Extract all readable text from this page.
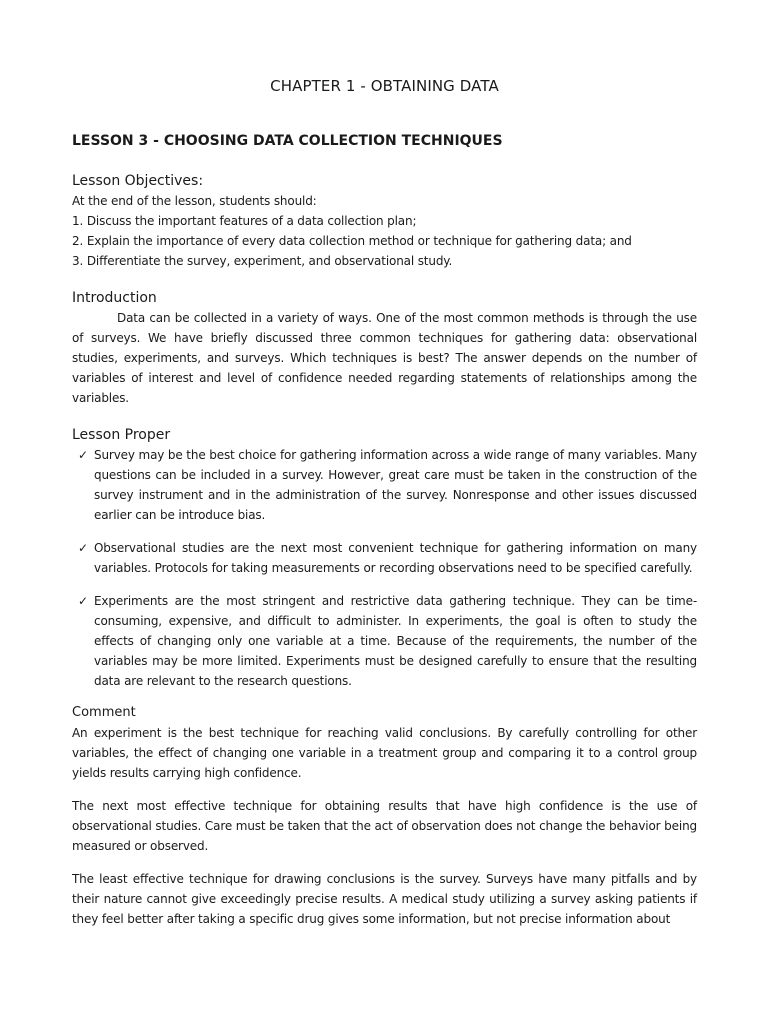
CHAPTER 1 - OBTAINING DATA
LESSON 3 - CHOOSING DATA COLLECTION TECHNIQUES
Lesson Objectives:
At the end of the lesson, students should:
1. Discuss the important features of a data collection plan;
2. Explain the importance of every data collection method or technique for gathering data; and
3. Differentiate the survey, experiment, and observational study.
Introduction

Data can be collected in a variety of ways. One of the most common methods is through the use of surveys. We have briefly discussed three common techniques for gathering data: observational studies, experiments, and surveys. Which techniques is best? The answer depends on the number of variables of interest and level of confidence needed regarding statements of relationships among the variables.

Lesson Proper
✓ Survey may be the best choice for gathering information across a wide range of many variables. Many questions can be included in a survey. However, great care must be taken in the construction of the survey instrument and in the administration of the survey. Nonresponse and other issues discussed earlier can be introduce bias.

✓ Observational studies are the next most convenient technique for gathering information on many variables. Protocols for taking measurements or recording observations need to be specified carefully.

✓ Experiments are the most stringent and restrictive data gathering technique. They can be time-consuming, expensive, and difficult to administer. In experiments, the goal is often to study the effects of changing only one variable at a time. Because of the requirements, the number of the variables may be more limited. Experiments must be designed carefully to ensure that the resulting data are relevant to the research questions.

Comment

An experiment is the best technique for reaching valid conclusions. By carefully controlling for other variables, the effect of changing one variable in a treatment group and comparing it to a control group yields results carrying high confidence.

The next most effective technique for obtaining results that have high confidence is the use of observational studies. Care must be taken that the act of observation does not change the behavior being measured or observed.

The least effective technique for drawing conclusions is the survey. Surveys have many pitfalls and by their nature cannot give exceedingly precise results. A medical study utilizing a survey asking patients if they feel better after taking a specific drug gives some information, but not precise information about
